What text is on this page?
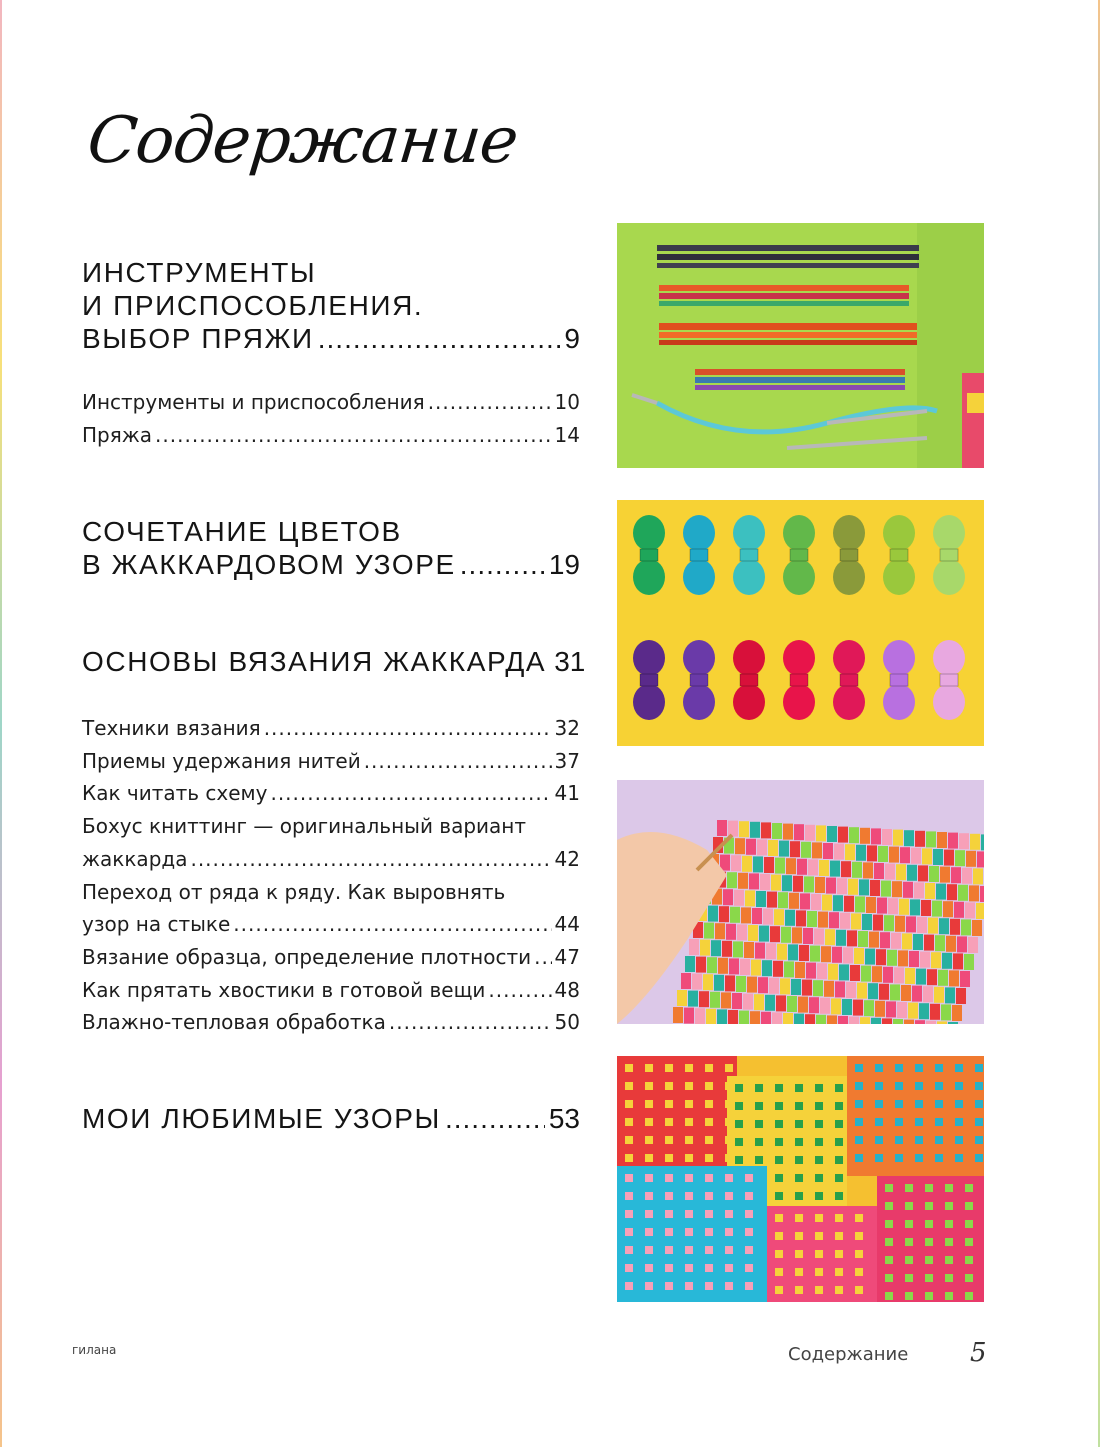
Содержание
ИНСТРУМЕНТЫ
И ПРИСПОСОБЛЕНИЯ.
ВЫБОР ПРЯЖИ .....	9
Инструменты и приспособления .....	10
Пряжа .....	14
СОЧЕТАНИЕ ЦВЕТОВ
В ЖАККАРДОВОМ УЗОРЕ .....	19
ОСНОВЫ ВЯЗАНИЯ ЖАККАРДА 31
Техники вязания .....	32
Приемы удержания нитей .....	37
Как читать схему .....	41
Бохус книттинг — оригинальный вариант
жаккарда .....	42
Переход от ряда к ряду. Как выровнять
узор на стыке .....	44
Вязание образца, определение плотности ..... 47
Как прятать хвостики в готовой вещи .....	48
Влажно-тепловая обработка .....	50
МОИ ЛЮБИМЫЕ УЗОРЫ .....	53
гилана	Содержание 5
